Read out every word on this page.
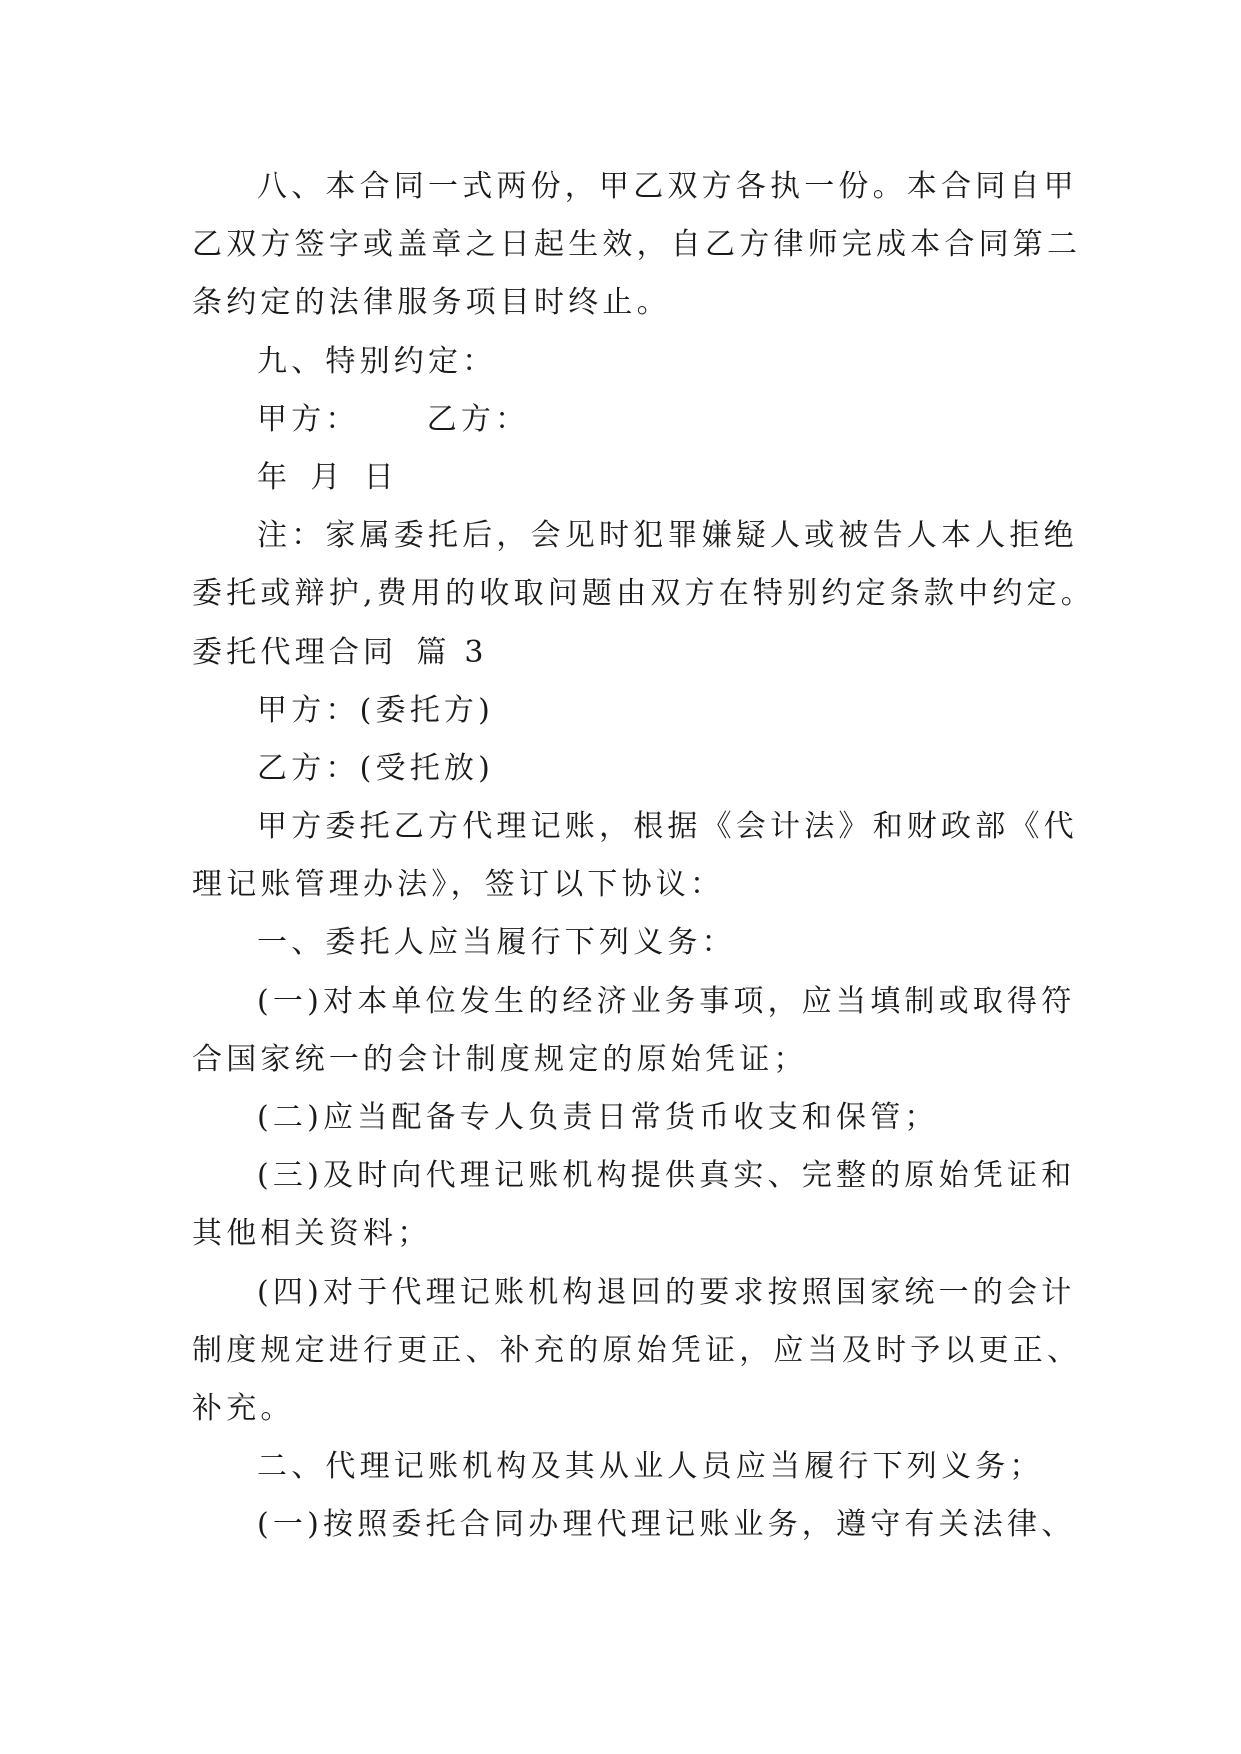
八、本合同一式两份，甲乙双方各执一份。本合同自甲
乙双方签字或盖章之日起生效，自乙方律师完成本合同第二
条约定的法律服务项目时终止。
九、特别约定：
甲方：　 　乙方：
年 月 日
注：家属委托后，会见时犯罪嫌疑人或被告人本人拒绝
委托或辩护,费用的收取问题由双方在特别约定条款中约定。
委托代理合同 篇 3
甲方：(委托方)
乙方：(受托放)
甲方委托乙方代理记账，根据《会计法》和财政部《代
理记账管理办法》，签订以下协议：
一、委托人应当履行下列义务：
(一)对本单位发生的经济业务事项，应当填制或取得符
合国家统一的会计制度规定的原始凭证；
(二)应当配备专人负责日常货币收支和保管；
(三)及时向代理记账机构提供真实、完整的原始凭证和
其他相关资料；
(四)对于代理记账机构退回的要求按照国家统一的会计
制度规定进行更正、补充的原始凭证，应当及时予以更正、
补充。
二、代理记账机构及其从业人员应当履行下列义务；
(一)按照委托合同办理代理记账业务，遵守有关法律、
